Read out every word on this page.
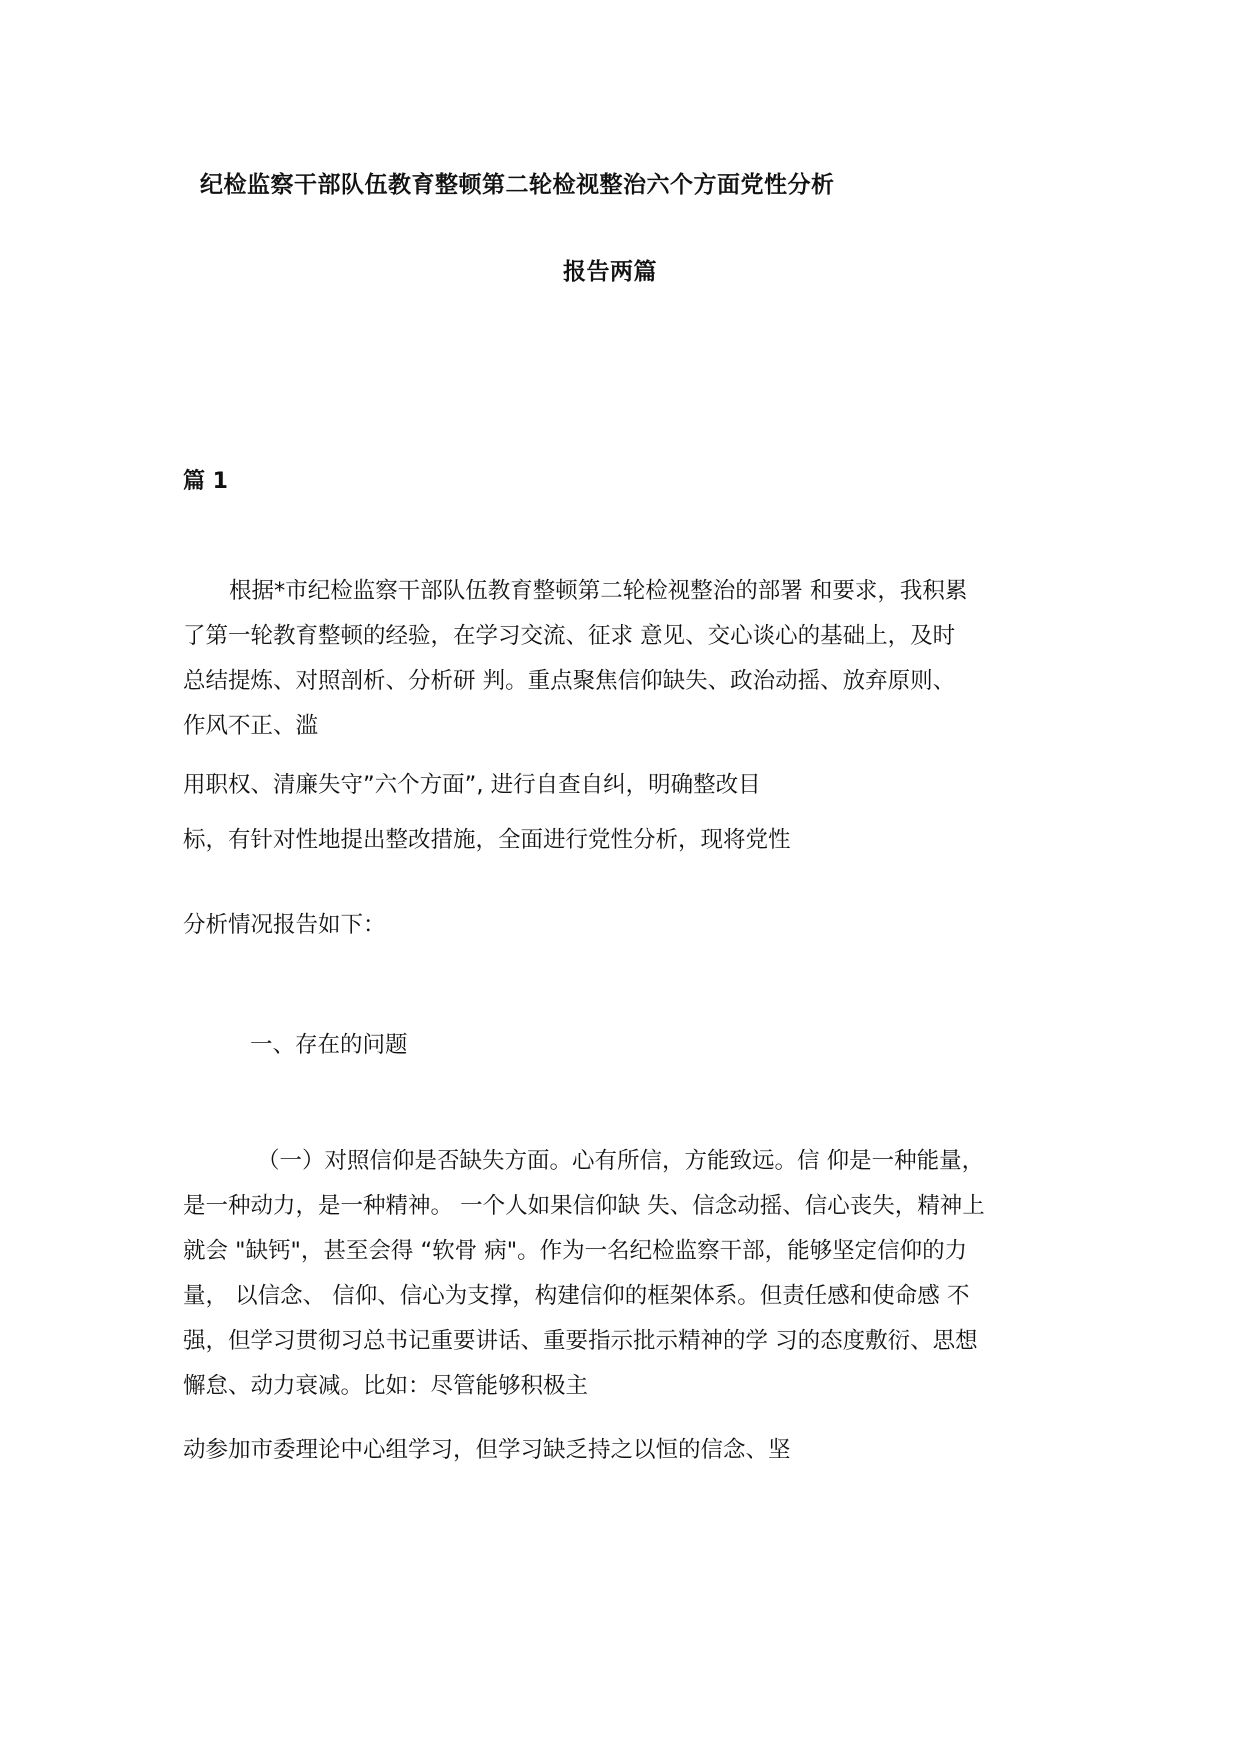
纪检监察干部队伍教育整顿第二轮检视整治六个方面党性分析
报告两篇
篇 1
根据*市纪检监察干部队伍教育整顿第二轮检视整治的部署 和要求，我积累
了第一轮教育整顿的经验，在学习交流、征求 意见、交心谈心的基础上，及时
总结提炼、对照剖析、分析研 判。重点聚焦信仰缺失、政治动摇、放弃原则、
作风不正、滥
用职权、清廉失守”六个方面”, 进行自查自纠，明确整改目
标，有针对性地提出整改措施，全面进行党性分析，现将党性
分析情况报告如下：
一、存在的问题
（一）对照信仰是否缺失方面。心有所信，方能致远。信 仰是一种能量，
是一种动力，是一种精神。 一个人如果信仰缺 失、信念动摇、信心丧失，精神上
就会 "缺钙"，甚至会得 “软骨 病"。作为一名纪检监察干部，能够坚定信仰的力
量， 以信念、 信仰、信心为支撑，构建信仰的框架体系。但责任感和使命感 不
强，但学习贯彻习总书记重要讲话、重要指示批示精神的学 习的态度敷衍、思想
懈怠、动力衰减。比如：尽管能够积极主
动参加市委理论中心组学习，但学习缺乏持之以恒的信念、坚
